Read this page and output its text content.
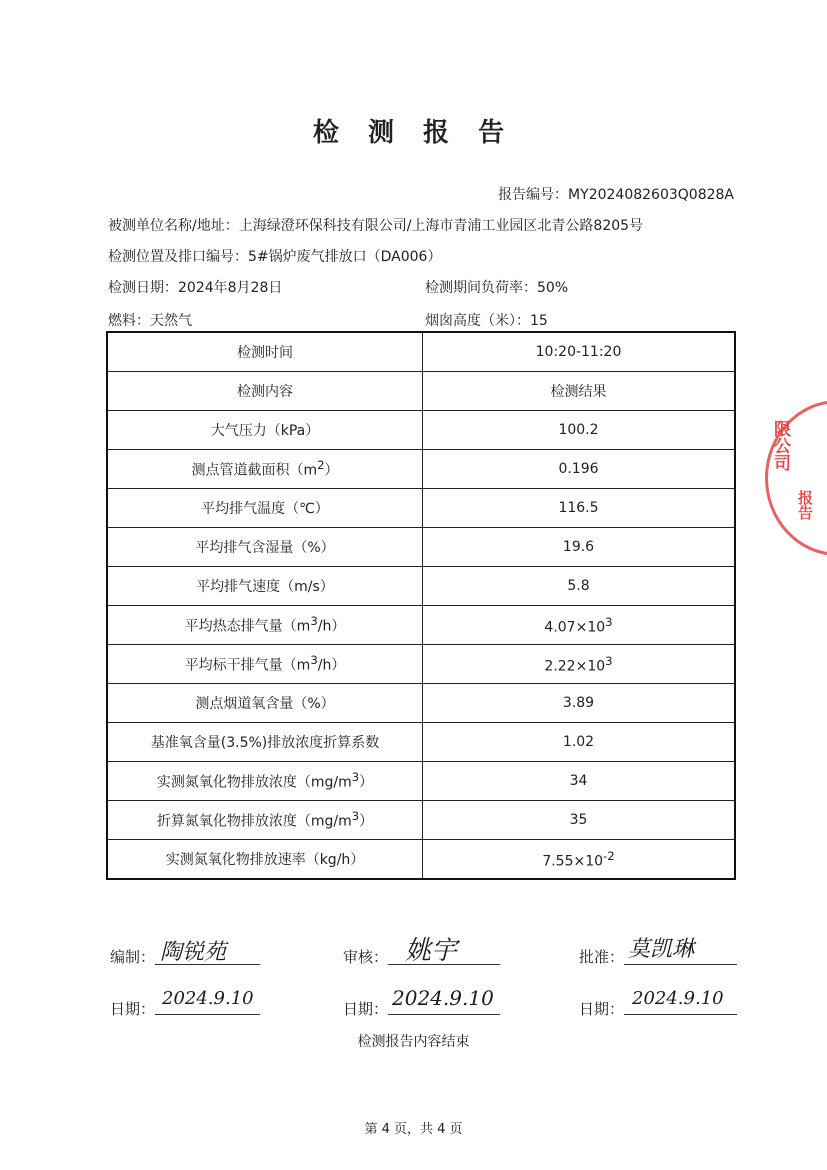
检 测 报 告
报告编号：MY2024082603Q0828A
被测单位名称/地址：上海绿澄环保科技有限公司/上海市青浦工业园区北青公路8205号
检测位置及排口编号：5#锅炉废气排放口（DA006）
检测日期：2024年8月28日	检测期间负荷率：50%
燃料：天然气	烟囱高度（米）：15
检测时间	10:20-11:20
检测内容	检测结果
大气压力（kPa）	100.2
测点管道截面积$(m^2)$	0.196
平均排气温度（℃）	116.5
平均排气含湿量（%）	19.6
平均排气速度（m/s）	5.8
平均热态排气量$(m^3/h)$	$4.07\times 10^3$
平均标干排气量$(m^3/h)$	$2.22\times 10^3$
测点烟道氧含量（%）	3.89
基准氧含量(3.5%)排放浓度折算系数	1.02
实测氮氧化物排放浓度$(mg/m^3)$	34
折算氮氧化物排放浓度$(mg/m^3)$	35
实测氮氧化物排放速率（kg/h）	$7.55\times 10^{-2}$
限公司
报告
编制： 陶锐苑	审核： 姚宇	批准： 莫凯琳
日期： 2024.9.10	日期： 2024.9.10	日期： 2024.9.10
检测报告内容结束
第 4 页，共 4 页
